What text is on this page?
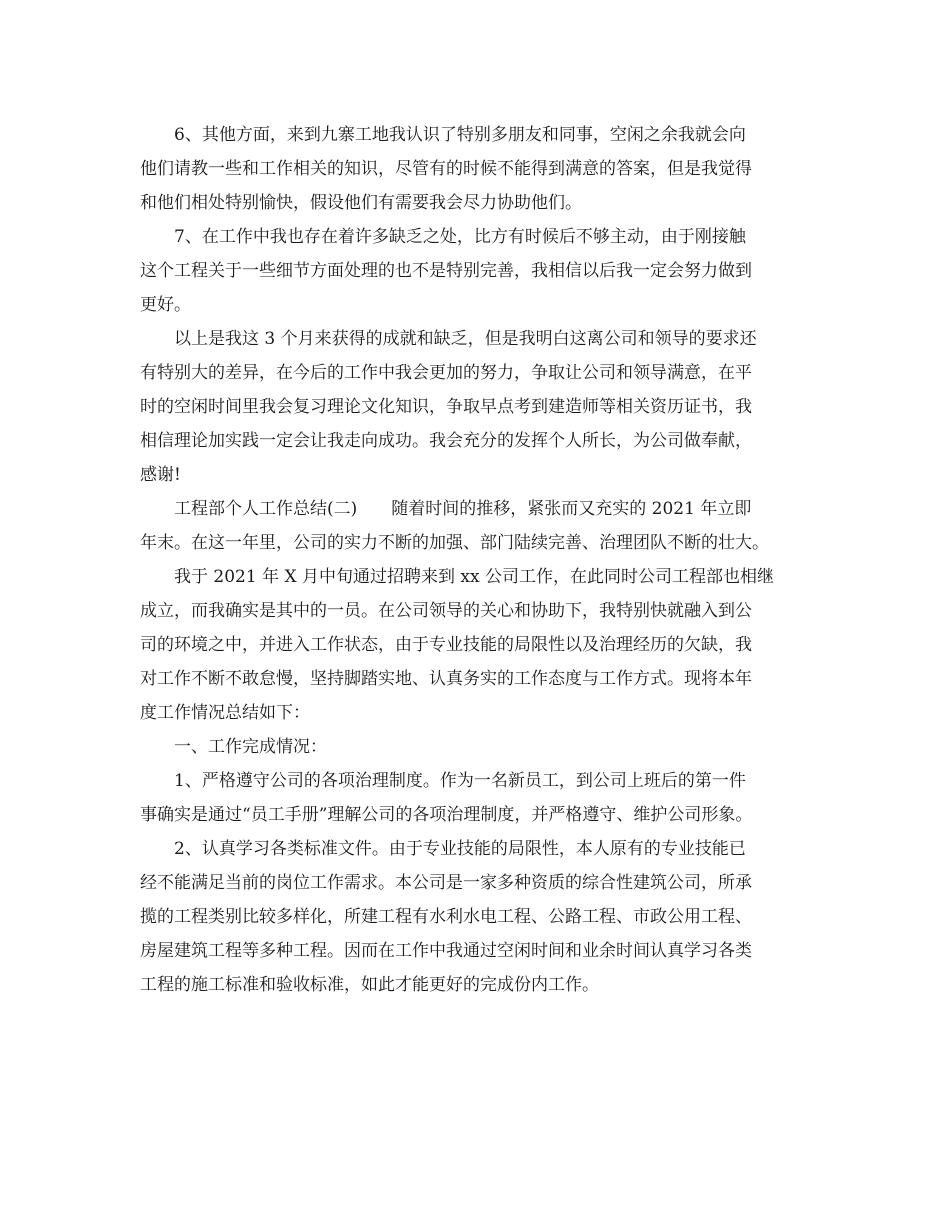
6、其他方面，来到九寨工地我认识了特别多朋友和同事，空闲之余我就会向
他们请教一些和工作相关的知识，尽管有的时候不能得到满意的答案，但是我觉得
和他们相处特别愉快，假设他们有需要我会尽力协助他们。

7、在工作中我也存在着许多缺乏之处，比方有时候后不够主动，由于刚接触
这个工程关于一些细节方面处理的也不是特别完善，我相信以后我一定会努力做到
更好。

以上是我这 3 个月来获得的成就和缺乏，但是我明白这离公司和领导的要求还
有特别大的差异，在今后的工作中我会更加的努力，争取让公司和领导满意，在平
时的空闲时间里我会复习理论文化知识，争取早点考到建造师等相关资历证书，我
相信理论加实践一定会让我走向成功。我会充分的发挥个人所长，为公司做奉献，
感谢!

工程部个人工作总结(二)　　随着时间的推移，紧张而又充实的 2021 年立即
年末。在这一年里，公司的实力不断的加强、部门陆续完善、治理团队不断的壮大。

我于 2021 年 X 月中旬通过招聘来到 xx 公司工作，在此同时公司工程部也相继
成立，而我确实是其中的一员。在公司领导的关心和协助下，我特别快就融入到公
司的环境之中，并进入工作状态，由于专业技能的局限性以及治理经历的欠缺，我
对工作不断不敢怠慢，坚持脚踏实地、认真务实的工作态度与工作方式。现将本年
度工作情况总结如下：

一、工作完成情况：

1、严格遵守公司的各项治理制度。作为一名新员工，到公司上班后的第一件
事确实是通过“员工手册”理解公司的各项治理制度，并严格遵守、维护公司形象。

2、认真学习各类标准文件。由于专业技能的局限性，本人原有的专业技能已
经不能满足当前的岗位工作需求。本公司是一家多种资质的综合性建筑公司，所承
揽的工程类别比较多样化，所建工程有水利水电工程、公路工程、市政公用工程、
房屋建筑工程等多种工程。因而在工作中我通过空闲时间和业余时间认真学习各类
工程的施工标准和验收标准，如此才能更好的完成份内工作。
